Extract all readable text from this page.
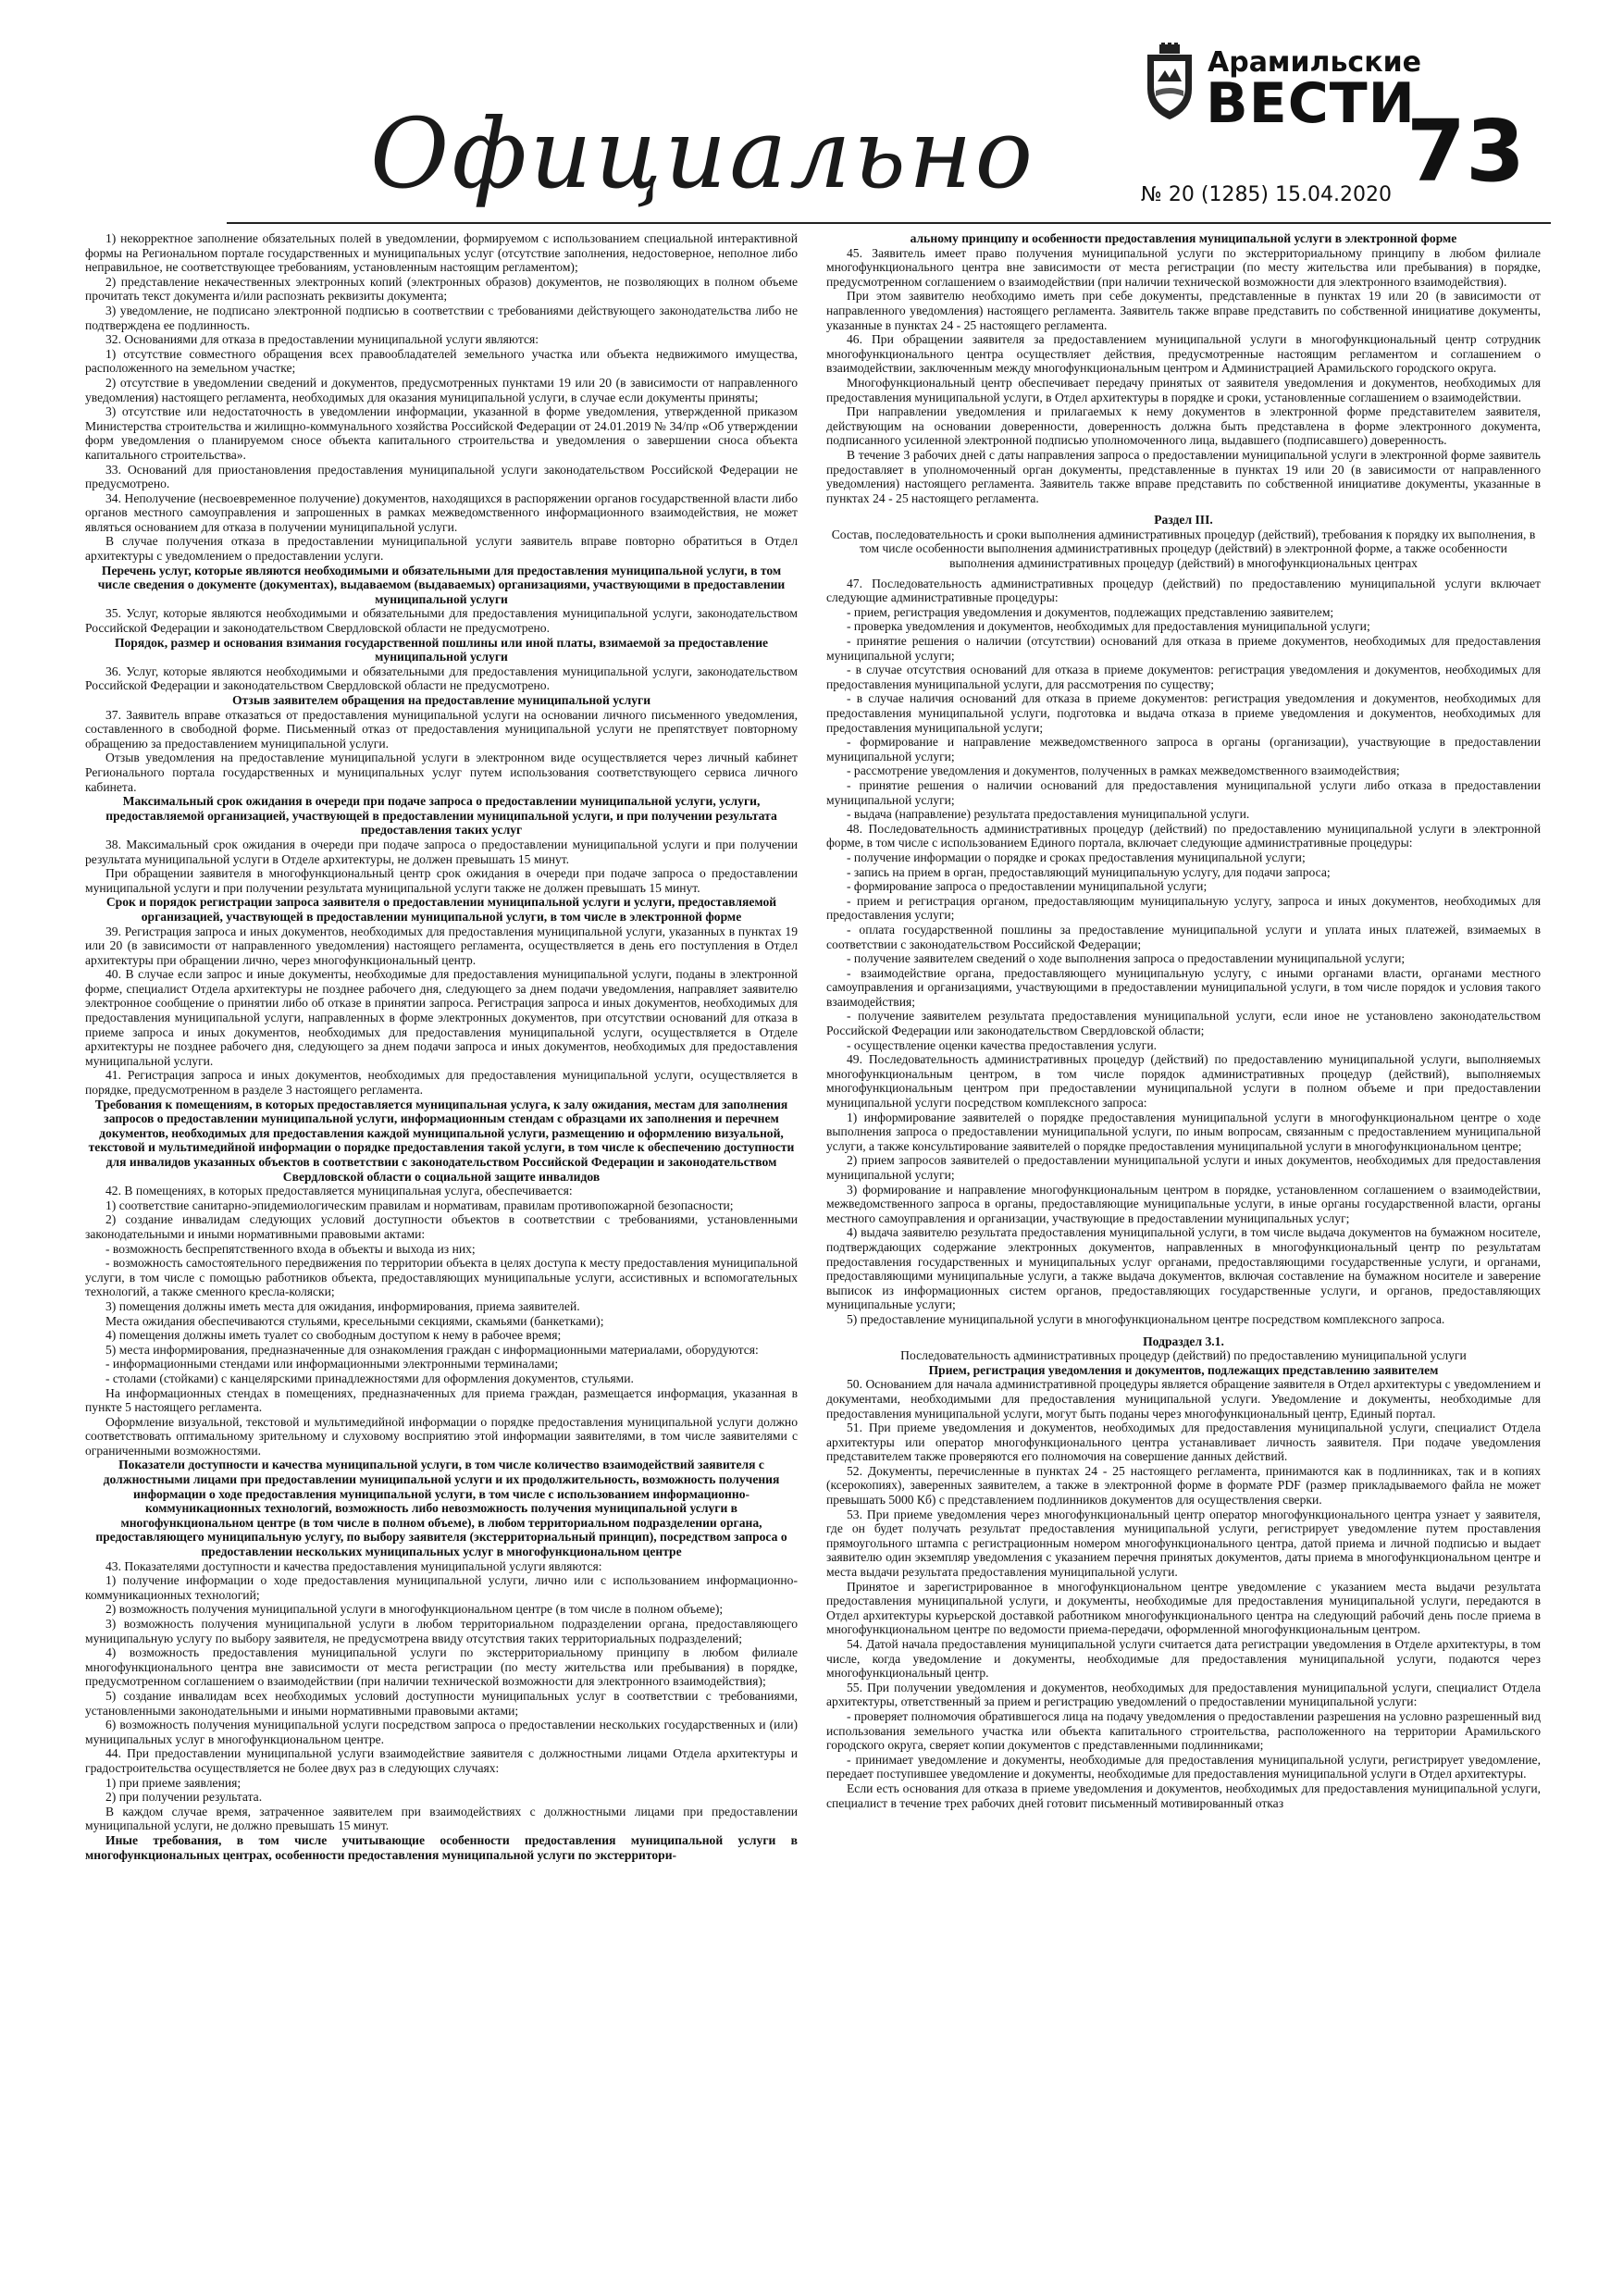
Официально
Арамильские
ВЕСТИ
73
№ 20 (1285) 15.04.2020

1) некорректное заполнение обязательных полей в уведомлении, формируемом с использованием специальной интерактивной формы на Региональном портале государственных и муниципальных услуг (отсутствие заполнения, недостоверное, неполное либо неправильное, не соответствующее требованиям, установленным настоящим регламентом);

2) представление некачественных электронных копий (электронных образов) документов, не позволяющих в полном объеме прочитать текст документа и/или распознать реквизиты документа;

3) уведомление, не подписано электронной подписью в соответствии с требованиями действующего законодательства либо не подтверждена ее подлинность.

32. Основаниями для отказа в предоставлении муниципальной услуги являются:

1) отсутствие совместного обращения всех правообладателей земельного участка или объекта недвижимого имущества, расположенного на земельном участке;

2) отсутствие в уведомлении сведений и документов, предусмотренных пунктами 19 или 20 (в зависимости от направленного уведомления) настоящего регламента, необходимых для оказания муниципальной услуги, в случае если документы приняты;

3) отсутствие или недостаточность в уведомлении информации, указанной в форме уведомления, утвержденной приказом Министерства строительства и жилищно-коммунального хозяйства Российской Федерации от 24.01.2019 № 34/пр «Об утверждении форм уведомления о планируемом сносе объекта капитального строительства и уведомления о завершении сноса объекта капитального строительства».

33. Оснований для приостановления предоставления муниципальной услуги законодательством Российской Федерации не предусмотрено.

34. Неполучение (несвоевременное получение) документов, находящихся в распоряжении органов государственной власти либо органов местного самоуправления и запрошенных в рамках межведомственного информационного взаимодействия, не может являться основанием для отказа в получении муниципальной услуги.

В случае получения отказа в предоставлении муниципальной услуги заявитель вправе повторно обратиться в Отдел архитектуры с уведомлением о предоставлении услуги.

Перечень услуг, которые являются необходимыми и обязательными для предоставления муниципальной услуги, в том числе сведения о документе (документах), выдаваемом (выдаваемых) организациями, участвующими в предоставлении муниципальной услуги

35. Услуг, которые являются необходимыми и обязательными для предоставления муниципальной услуги, законодательством Российской Федерации и законодательством Свердловской области не предусмотрено.

Порядок, размер и основания взимания государственной пошлины или иной платы, взимаемой за предоставление муниципальной услуги

36. Услуг, которые являются необходимыми и обязательными для предоставления муниципальной услуги, законодательством Российской Федерации и законодательством Свердловской области не предусмотрено.

Отзыв заявителем обращения на предоставление муниципальной услуги

37. Заявитель вправе отказаться от предоставления муниципальной услуги на основании личного письменного уведомления, составленного в свободной форме. Письменный отказ от предоставления муниципальной услуги не препятствует повторному обращению за предоставлением муниципальной услуги.

Отзыв уведомления на предоставление муниципальной услуги в электронном виде осуществляется через личный кабинет Регионального портала государственных и муниципальных услуг путем использования соответствующего сервиса личного кабинета.

Максимальный срок ожидания в очереди при подаче запроса о предоставлении муниципальной услуги, услуги, предоставляемой организацией, участвующей в предоставлении муниципальной услуги, и при получении результата предоставления таких услуг

38. Максимальный срок ожидания в очереди при подаче запроса о предоставлении муниципальной услуги и при получении результата муниципальной услуги в Отделе архитектуры, не должен превышать 15 минут.

При обращении заявителя в многофункциональный центр срок ожидания в очереди при подаче запроса о предоставлении муниципальной услуги и при получении результата муниципальной услуги также не должен превышать 15 минут.

Срок и порядок регистрации запроса заявителя о предоставлении муниципальной услуги и услуги, предоставляемой организацией, участвующей в предоставлении муниципальной услуги, в том числе в электронной форме

39. Регистрация запроса и иных документов, необходимых для предоставления муниципальной услуги, указанных в пунктах 19 или 20 (в зависимости от направленного уведомления) настоящего регламента, осуществляется в день его поступления в Отдел архитектуры при обращении лично, через многофункциональный центр.

40. В случае если запрос и иные документы, необходимые для предоставления муниципальной услуги, поданы в электронной форме, специалист Отдела архитектуры не позднее рабочего дня, следующего за днем подачи уведомления, направляет заявителю электронное сообщение о принятии либо об отказе в принятии запроса. Регистрация запроса и иных документов, необходимых для предоставления муниципальной услуги, направленных в форме электронных документов, при отсутствии оснований для отказа в приеме запроса и иных документов, необходимых для предоставления муниципальной услуги, осуществляется в Отделе архитектуры не позднее рабочего дня, следующего за днем подачи запроса и иных документов, необходимых для предоставления муниципальной услуги.

41. Регистрация запроса и иных документов, необходимых для предоставления муниципальной услуги, осуществляется в порядке, предусмотренном в разделе 3 настоящего регламента.

Требования к помещениям, в которых предоставляется муниципальная услуга, к залу ожидания, местам для заполнения запросов о предоставлении муниципальной услуги, информационным стендам с образцами их заполнения и перечнем документов, необходимых для предоставления каждой муниципальной услуги, размещению и оформлению визуальной, текстовой и мультимедийной информации о порядке предоставления такой услуги, в том числе к обеспечению доступности для инвалидов указанных объектов в соответствии с законодательством Российской Федерации и законодательством Свердловской области о социальной защите инвалидов

42. В помещениях, в которых предоставляется муниципальная услуга, обеспечивается:

1) соответствие санитарно-эпидемиологическим правилам и нормативам, правилам противопожарной безопасности;

2) создание инвалидам следующих условий доступности объектов в соответствии с требованиями, установленными законодательными и иными нормативными правовыми актами:

- возможность беспрепятственного входа в объекты и выхода из них;

- возможность самостоятельного передвижения по территории объекта в целях доступа к месту предоставления муниципальной услуги, в том числе с помощью работников объекта, предоставляющих муниципальные услуги, ассистивных и вспомогательных технологий, а также сменного кресла-коляски;

3) помещения должны иметь места для ожидания, информирования, приема заявителей.

Места ожидания обеспечиваются стульями, кресельными секциями, скамьями (банкетками);

4) помещения должны иметь туалет со свободным доступом к нему в рабочее время;

5) места информирования, предназначенные для ознакомления граждан с информационными материалами, оборудуются:

- информационными стендами или информационными электронными терминалами;

- столами (стойками) с канцелярскими принадлежностями для оформления документов, стульями.

На информационных стендах в помещениях, предназначенных для приема граждан, размещается информация, указанная в пункте 5 настоящего регламента.

Оформление визуальной, текстовой и мультимедийной информации о порядке предоставления муниципальной услуги должно соответствовать оптимальному зрительному и слуховому восприятию этой информации заявителями, в том числе заявителями с ограниченными возможностями.

Показатели доступности и качества муниципальной услуги, в том числе количество взаимодействий заявителя с должностными лицами при предоставлении муниципальной услуги и их продолжительность, возможность получения информации о ходе предоставления муниципальной услуги, в том числе с использованием информационно-коммуникационных технологий, возможность либо невозможность получения муниципальной услуги в многофункциональном центре (в том числе в полном объеме), в любом территориальном подразделении органа, предоставляющего муниципальную услугу, по выбору заявителя (экстерриториальный принцип), посредством запроса о предоставлении нескольких муниципальных услуг в многофункциональном центре

43. Показателями доступности и качества предоставления муниципальной услуги являются:

1) получение информации о ходе предоставления муниципальной услуги, лично или с использованием информационно-коммуникационных технологий;

2) возможность получения муниципальной услуги в многофункциональном центре (в том числе в полном объеме);

3) возможность получения муниципальной услуги в любом территориальном подразделении органа, предоставляющего муниципальную услугу по выбору заявителя, не предусмотрена ввиду отсутствия таких территориальных подразделений;

4) возможность предоставления муниципальной услуги по экстерриториальному принципу в любом филиале многофункционального центра вне зависимости от места регистрации (по месту жительства или пребывания) в порядке, предусмотренном соглашением о взаимодействии (при наличии технической возможности для электронного взаимодействия);

5) создание инвалидам всех необходимых условий доступности муниципальных услуг в соответствии с требованиями, установленными законодательными и иными нормативными правовыми актами;

6) возможность получения муниципальной услуги посредством запроса о предоставлении нескольких государственных и (или) муниципальных услуг в многофункциональном центре.

44. При предоставлении муниципальной услуги взаимодействие заявителя с должностными лицами Отдела архитектуры и градостроительства осуществляется не более двух раз в следующих случаях:

1) при приеме заявления;

2) при получении результата.

В каждом случае время, затраченное заявителем при взаимодействиях с должностными лицами при предоставлении муниципальной услуги, не должно превышать 15 минут.

Иные требования, в том числе учитывающие особенности предоставления муниципальной услуги в многофункциональных центрах, особенности предоставления муниципальной услуги по экстерритори-

альному принципу и особенности предоставления муниципальной услуги в электронной форме

45. Заявитель имеет право получения муниципальной услуги по экстерриториальному принципу в любом филиале многофункционального центра вне зависимости от места регистрации (по месту жительства или пребывания) в порядке, предусмотренном соглашением о взаимодействии (при наличии технической возможности для электронного взаимодействия).

При этом заявителю необходимо иметь при себе документы, представленные в пунктах 19 или 20 (в зависимости от направленного уведомления) настоящего регламента. Заявитель также вправе представить по собственной инициативе документы, указанные в пунктах 24 - 25 настоящего регламента.

46. При обращении заявителя за предоставлением муниципальной услуги в многофункциональный центр сотрудник многофункционального центра осуществляет действия, предусмотренные настоящим регламентом и соглашением о взаимодействии, заключенным между многофункциональным центром и Администрацией Арамильского городского округа.

Многофункциональный центр обеспечивает передачу принятых от заявителя уведомления и документов, необходимых для предоставления муниципальной услуги, в Отдел архитектуры в порядке и сроки, установленные соглашением о взаимодействии.

При направлении уведомления и прилагаемых к нему документов в электронной форме представителем заявителя, действующим на основании доверенности, доверенность должна быть представлена в форме электронного документа, подписанного усиленной электронной подписью уполномоченного лица, выдавшего (подписавшего) доверенность.

В течение 3 рабочих дней с даты направления запроса о предоставлении муниципальной услуги в электронной форме заявитель предоставляет в уполномоченный орган документы, представленные в пунктах 19 или 20 (в зависимости от направленного уведомления) настоящего регламента. Заявитель также вправе представить по собственной инициативе документы, указанные в пунктах 24 - 25 настоящего регламента.

Раздел III.

Состав, последовательность и сроки выполнения административных процедур (действий), требования к порядку их выполнения, в том числе особенности выполнения административных процедур (действий) в электронной форме, а также особенности выполнения административных процедур (действий) в многофункциональных центрах

47. Последовательность административных процедур (действий) по предоставлению муниципальной услуги включает следующие административные процедуры:

- прием, регистрация уведомления и документов, подлежащих представлению заявителем;

- проверка уведомления и документов, необходимых для предоставления муниципальной услуги;

- принятие решения о наличии (отсутствии) оснований для отказа в приеме документов, необходимых для предоставления муниципальной услуги;

- в случае отсутствия оснований для отказа в приеме документов: регистрация уведомления и документов, необходимых для предоставления муниципальной услуги, для рассмотрения по существу;

- в случае наличия оснований для отказа в приеме документов: регистрация уведомления и документов, необходимых для предоставления муниципальной услуги, подготовка и выдача отказа в приеме уведомления и документов, необходимых для предоставления муниципальной услуги;

- формирование и направление межведомственного запроса в органы (организации), участвующие в предоставлении муниципальной услуги;

- рассмотрение уведомления и документов, полученных в рамках межведомственного взаимодействия;

- принятие решения о наличии оснований для предоставления муниципальной услуги либо отказа в предоставлении муниципальной услуги;

- выдача (направление) результата предоставления муниципальной услуги.

48. Последовательность административных процедур (действий) по предоставлению муниципальной услуги в электронной форме, в том числе с использованием Единого портала, включает следующие административные процедуры:

- получение информации о порядке и сроках предоставления муниципальной услуги;

- запись на прием в орган, предоставляющий муниципальную услугу, для подачи запроса;

- формирование запроса о предоставлении муниципальной услуги;

- прием и регистрация органом, предоставляющим муниципальную услугу, запроса и иных документов, необходимых для предоставления услуги;

- оплата государственной пошлины за предоставление муниципальной услуги и уплата иных платежей, взимаемых в соответствии с законодательством Российской Федерации;

- получение заявителем сведений о ходе выполнения запроса о предоставлении муниципальной услуги;

- взаимодействие органа, предоставляющего муниципальную услугу, с иными органами власти, органами местного самоуправления и организациями, участвующими в предоставлении муниципальной услуги, в том числе порядок и условия такого взаимодействия;

- получение заявителем результата предоставления муниципальной услуги, если иное не установлено законодательством Российской Федерации или законодательством Свердловской области;

- осуществление оценки качества предоставления услуги.

49. Последовательность административных процедур (действий) по предоставлению муниципальной услуги, выполняемых многофункциональным центром, в том числе порядок административных процедур (действий), выполняемых многофункциональным центром при предоставлении муниципальной услуги в полном объеме и при предоставлении муниципальной услуги посредством комплексного запроса:

1) информирование заявителей о порядке предоставления муниципальной услуги в многофункциональном центре о ходе выполнения запроса о предоставлении муниципальной услуги, по иным вопросам, связанным с предоставлением муниципальной услуги, а также консультирование заявителей о порядке предоставления муниципальной услуги в многофункциональном центре;

2) прием запросов заявителей о предоставлении муниципальной услуги и иных документов, необходимых для предоставления муниципальной услуги;

3) формирование и направление многофункциональным центром в порядке, установленном соглашением о взаимодействии, межведомственного запроса в органы, предоставляющие муниципальные услуги, в иные органы государственной власти, органы местного самоуправления и организации, участвующие в предоставлении муниципальных услуг;

4) выдача заявителю результата предоставления муниципальной услуги, в том числе выдача документов на бумажном носителе, подтверждающих содержание электронных документов, направленных в многофункциональный центр по результатам предоставления государственных и муниципальных услуг органами, предоставляющими государственные услуги, и органами, предоставляющими муниципальные услуги, а также выдача документов, включая составление на бумажном носителе и заверение выписок из информационных систем органов, предоставляющих государственные услуги, и органов, предоставляющих муниципальные услуги;

5) предоставление муниципальной услуги в многофункциональном центре посредством комплексного запроса.

Подраздел 3.1.

Последовательность административных процедур (действий) по предоставлению муниципальной услуги

Прием, регистрация уведомления и документов, подлежащих представлению заявителем

50. Основанием для начала административной процедуры является обращение заявителя в Отдел архитектуры с уведомлением и документами, необходимыми для предоставления муниципальной услуги. Уведомление и документы, необходимые для предоставления муниципальной услуги, могут быть поданы через многофункциональный центр, Единый портал.

51. При приеме уведомления и документов, необходимых для предоставления муниципальной услуги, специалист Отдела архитектуры или оператор многофункционального центра устанавливает личность заявителя. При подаче уведомления представителем также проверяются его полномочия на совершение данных действий.

52. Документы, перечисленные в пунктах 24 - 25 настоящего регламента, принимаются как в подлинниках, так и в копиях (ксерокопиях), заверенных заявителем, а также в электронной форме в формате PDF (размер прикладываемого файла не может превышать 5000 Кб) с представлением подлинников документов для осуществления сверки.

53. При приеме уведомления через многофункциональный центр оператор многофункционального центра узнает у заявителя, где он будет получать результат предоставления муниципальной услуги, регистрирует уведомление путем проставления прямоугольного штампа с регистрационным номером многофункционального центра, датой приема и личной подписью и выдает заявителю один экземпляр уведомления с указанием перечня принятых документов, даты приема в многофункциональном центре и места выдачи результата предоставления муниципальной услуги.

Принятое и зарегистрированное в многофункциональном центре уведомление с указанием места выдачи результата предоставления муниципальной услуги, и документы, необходимые для предоставления муниципальной услуги, передаются в Отдел архитектуры курьерской доставкой работником многофункционального центра на следующий рабочий день после приема в многофункциональном центре по ведомости приема-передачи, оформленной многофункциональным центром.

54. Датой начала предоставления муниципальной услуги считается дата регистрации уведомления в Отделе архитектуры, в том числе, когда уведомление и документы, необходимые для предоставления муниципальной услуги, подаются через многофункциональный центр.

55. При получении уведомления и документов, необходимых для предоставления муниципальной услуги, специалист Отдела архитектуры, ответственный за прием и регистрацию уведомлений о предоставлении муниципальной услуги:

- проверяет полномочия обратившегося лица на подачу уведомления о предоставлении разрешения на условно разрешенный вид использования земельного участка или объекта капитального строительства, расположенного на территории Арамильского городского округа, сверяет копии документов с представленными подлинниками;

- принимает уведомление и документы, необходимые для предоставления муниципальной услуги, регистрирует уведомление, передает поступившее уведомление и документы, необходимые для предоставления муниципальной услуги в Отдел архитектуры.

Если есть основания для отказа в приеме уведомления и документов, необходимых для предоставления муниципальной услуги, специалист в течение трех рабочих дней готовит письменный мотивированный отказ
